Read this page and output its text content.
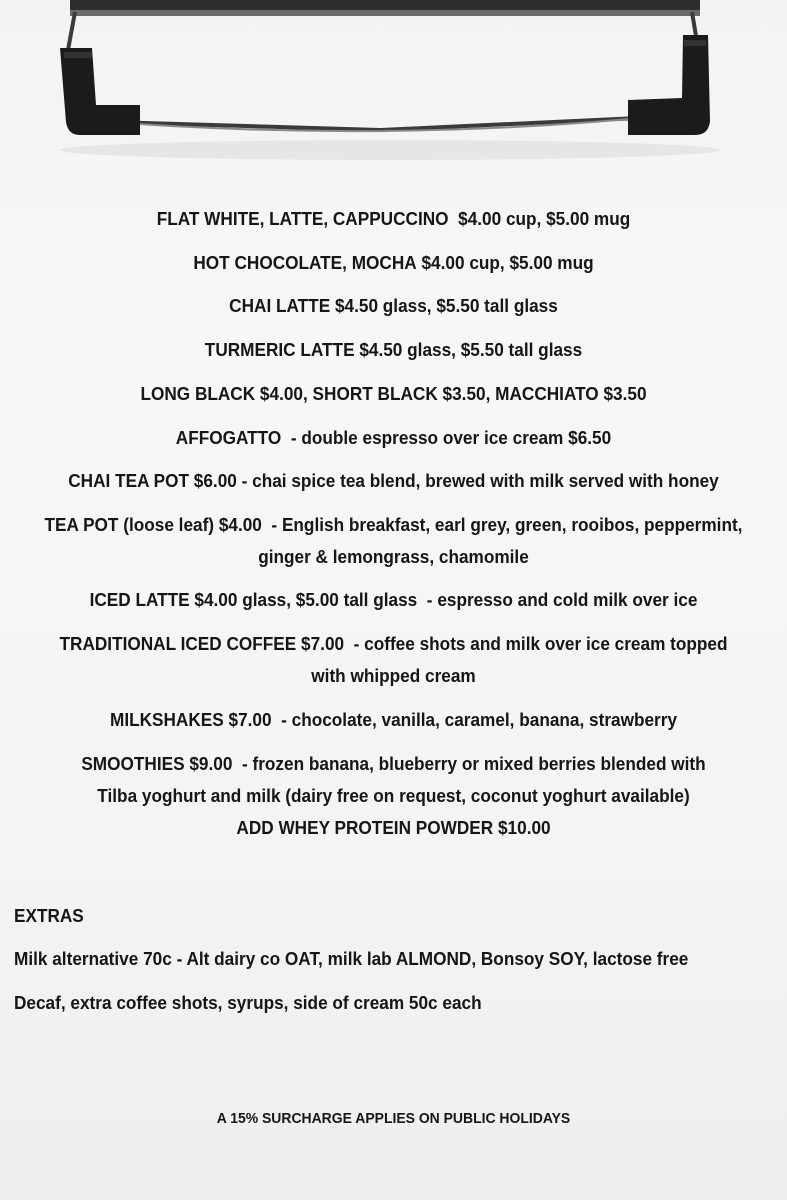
FLAT WHITE, LATTE, CAPPUCCINO $4.00 cup, $5.00 mug
HOT CHOCOLATE, MOCHA $4.00 cup, $5.00 mug
CHAI LATTE $4.50 glass, $5.50 tall glass
TURMERIC LATTE $4.50 glass, $5.50 tall glass
LONG BLACK $4.00, SHORT BLACK $3.50, MACCHIATO $3.50
AFFOGATTO - double espresso over ice cream $6.50
CHAI TEA POT $6.00 - chai spice tea blend, brewed with milk served with honey
TEA POT (loose leaf) $4.00 - English breakfast, earl grey, green, rooibos, peppermint,
ginger & lemongrass, chamomile
ICED LATTE $4.00 glass, $5.00 tall glass - espresso and cold milk over ice
TRADITIONAL ICED COFFEE $7.00 - coffee shots and milk over ice cream topped
with whipped cream
MILKSHAKES $7.00 - chocolate, vanilla, caramel, banana, strawberry
SMOOTHIES $9.00 - frozen banana, blueberry or mixed berries blended with
Tilba yoghurt and milk (dairy free on request, coconut yoghurt available)
ADD WHEY PROTEIN POWDER $10.00
EXTRAS
Milk alternative 70c - Alt dairy co OAT, milk lab ALMOND, Bonsoy SOY, lactose free
Decaf, extra coffee shots, syrups, side of cream 50c each
A 15% SURCHARGE APPLIES ON PUBLIC HOLIDAYS
